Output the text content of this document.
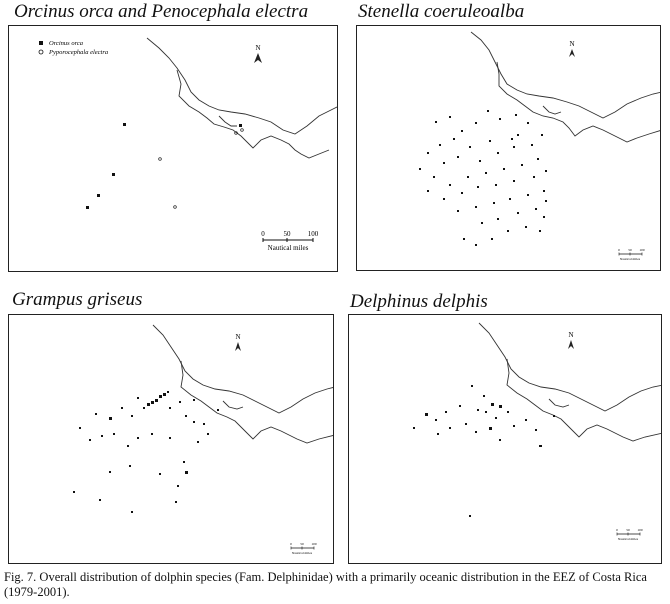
Orcinus orca and Penocephala electra	Stenella coeruleoalba
Grampus griseus	Delphinus delphis
N
Orcinus orca
Pyporocephala electra
0	50 100
Nautical miles
N
0 50 100
Nautical miles
N
0 50 100
Nautical miles
N
0 50 100
Nautical miles

Fig. 7. Overall distribution of dolphin species (Fam. Delphinidae) with a primarily oceanic distribution in the EEZ of Costa Rica (1979-2001).
